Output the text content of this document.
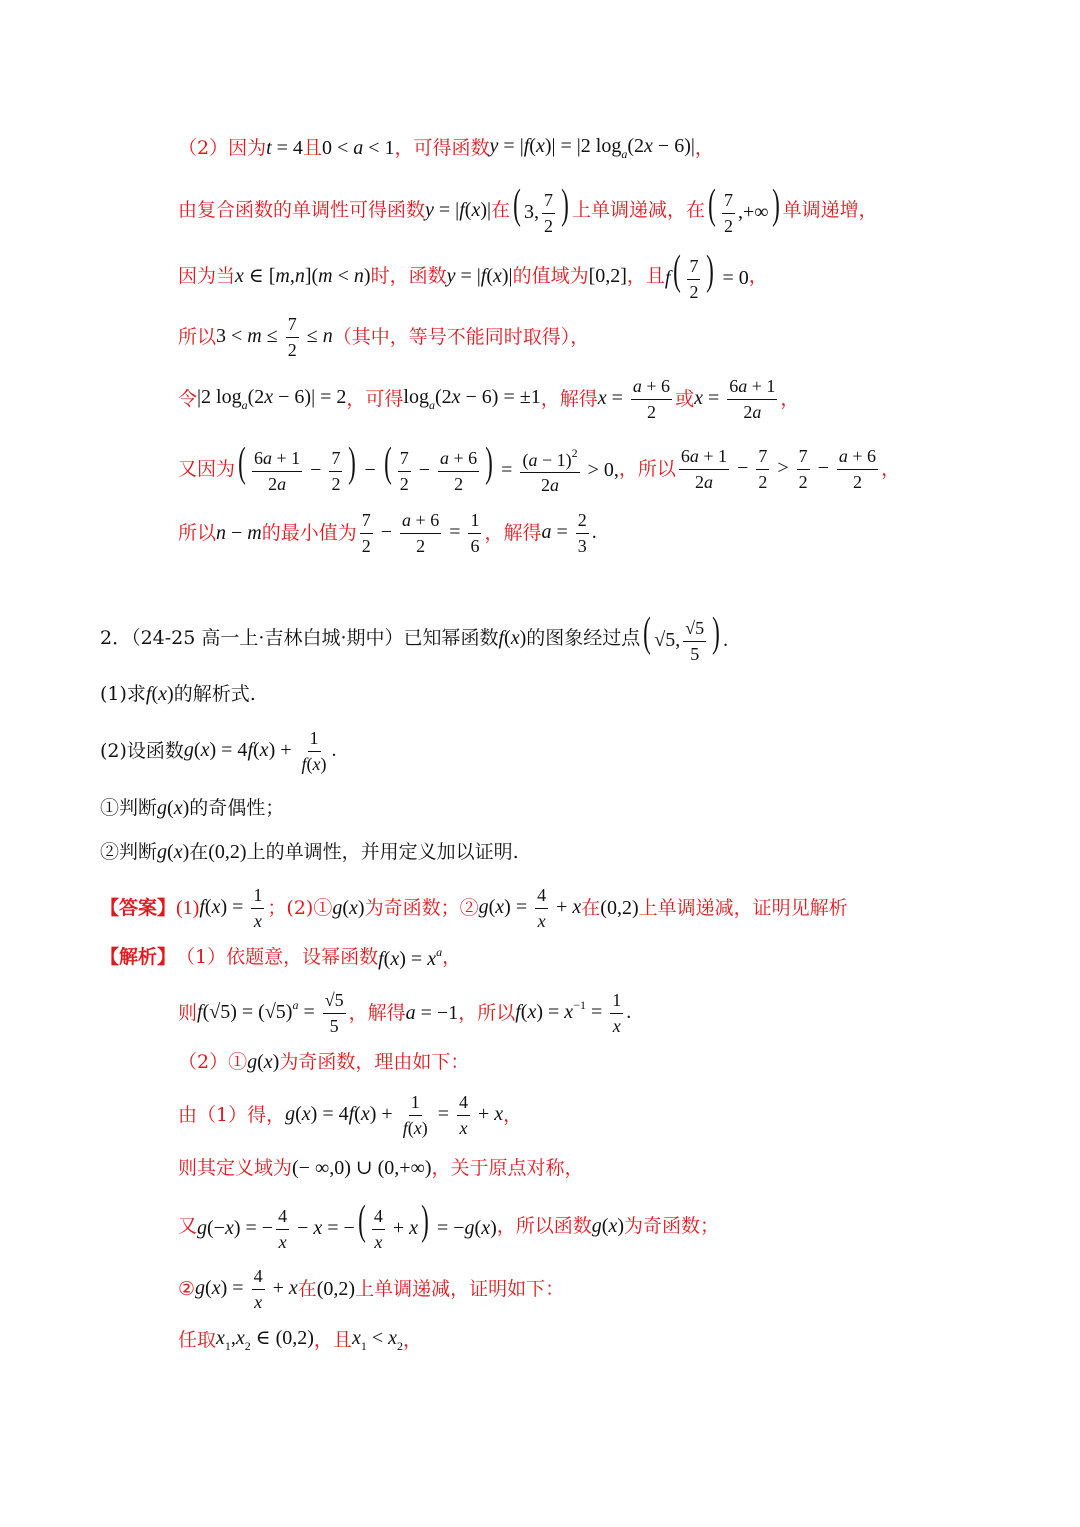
（2）因为 t = 4 且 0 < a < 1 ，可得函数 y = |f(x)| = |2 $\log_a(2x - 6)|$ ，
由复合函数的单调性可得函数 y = |f(x)| 在 ( 3, $\frac{7}{2}$ ) 上单调递减，在 ( $\frac{7}{2}$ ,+∞) 单调递增，
因为当 x ∈ [m,n](m < n) 时，函数 y = |f(x)| 的值域为 [0,2] ，且 $f( \frac{7}{2}$ ) = 0 ，
所以 $3 < m \le \frac{7}{2} \le n$ （其中，等号不能同时取得），
令 |2 $\log_a(2x - 6)| = 2$ ，可得 $\log_a(2x - 6) = \pm 1$ ，解得 $x = \frac{a + 6}{2}$ 或 $x = \frac{6a + 1}{2a}$ ，
又因为 ( $\frac{6a + 1}{2a} - \frac{7}{2}$ ) − ( $\frac{7}{2} - \frac{a + 6}{2}$ ) = $\frac{(a - 1)^2}{2a} > 0$, ，所以 $\frac{6a + 1}{2a} - \frac{7}{2} > \frac{7}{2} - \frac{a + 6}{2}$ ，
所以 n − m 的最小值为 $\frac{7}{2} - \frac{a + 6}{2} = \frac{1}{6}$ ，解得 $a = \frac{2}{3}$ .
2．（24-25 高一上·吉林白城·期中）已知幂函数 f(x) 的图象经过点 ( √5, $\frac{√5}{5}$ ) .
(1)求 f(x) 的解析式.
(2)设函数 $g(x) = 4f(x) + \frac{1}{f(x)}$ .
①判断 g(x) 的奇偶性；
②判断 g(x) 在 (0,2) 上的单调性，并用定义加以证明.
【答案】 (1) $f(x) = \frac{1}{x}$ ；(2)① g(x) 为奇函数；② $g(x) = \frac{4}{x} + x$ 在 (0,2) 上单调递减，证明见解析
【解析】 （1）依题意，设幂函数 $f(x) = x^a$ ，
则 $f(√5) = (√5)^a = \frac{√5}{5}$ ，解得 a = −1 ，所以 $f(x) = x^{-1} = \frac{1}{x}$ .
（2）① g(x) 为奇函数，理由如下：
由（1）得， $g(x) = 4f(x) + \frac{1}{f(x)} = \frac{4}{x} + x$ ，
则其定义域为 (− ∞,0) ∪ (0,+∞) ，关于原点对称，
又 g(−x) = − $\frac{4}{x} - x$ = −( $\frac{4}{x} + x) = -g(x)$ ，所以函数 g(x) 为奇函数；
② $g(x) = \frac{4}{x} + x$ 在 (0,2) 上单调递减，证明如下：
任取 $x_1,x_2$ ∈ (0,2) ，且 $x_1 < x_2$ ，
